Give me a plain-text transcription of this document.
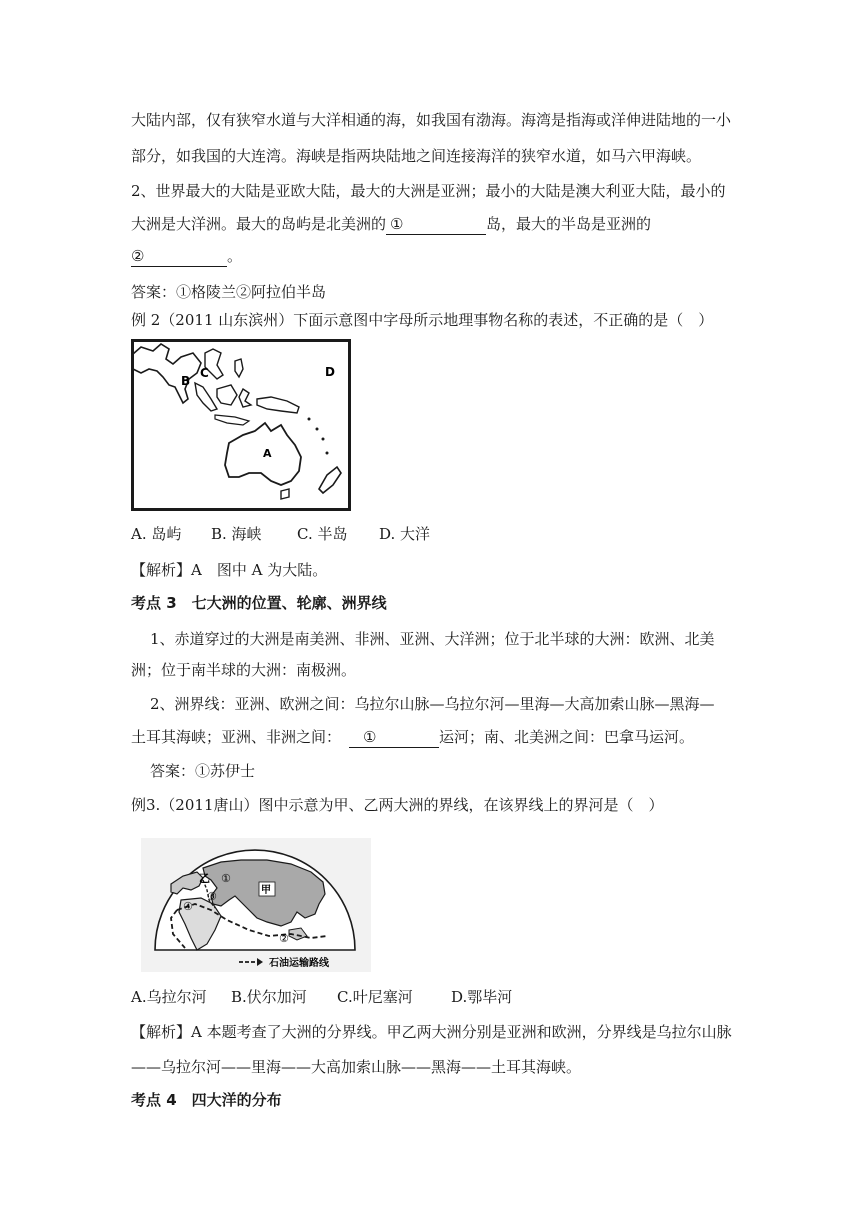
大陆内部，仅有狭窄水道与大洋相通的海，如我国有渤海。海湾是指海或洋伸进陆地的一小
部分，如我国的大连湾。海峡是指两块陆地之间连接海洋的狭窄水道，如马六甲海峡。
2、世界最大的大陆是亚欧大陆，最大的大洲是亚洲；最小的大陆是澳大利亚大陆，最小的
大洲是大洋洲。最大的岛屿是北美洲的 ①	岛，最大的半岛是亚洲的
②	。
答案：①格陵兰②阿拉伯半岛
例 2（2011 山东滨州）下面示意图中字母所示地理事物名称的表述，不正确的是（　）
A
B
C	D
A. 岛屿 B. 海峡 C. 半岛 D. 大洋
【解析】A　图中 A 为大陆。
考点 3　七大洲的位置、轮廓、洲界线
1、赤道穿过的大洲是南美洲、非洲、亚洲、大洋洲；位于北半球的大洲：欧洲、北美
洲；位于南半球的大洲：南极洲。
2、洲界线：亚洲、欧洲之间：乌拉尔山脉—乌拉尔河—里海—大高加索山脉—黑海—
土耳其海峡；亚洲、非洲之间： ①	运河；南、北美洲之间：巴拿马运河。
答案：①苏伊士
例3.（2011唐山）图中示意为甲、乙两大洲的界线，在该界线上的界河是（　）
甲
乙 ①
②
③
④
石油运输路线
A.乌拉尔河 B.伏尔加河 C.叶尼塞河	D.鄂毕河
【解析】A 本题考查了大洲的分界线。甲乙两大洲分别是亚洲和欧洲，分界线是乌拉尔山脉
——乌拉尔河——里海——大高加索山脉——黑海——土耳其海峡。
考点 4　四大洋的分布
